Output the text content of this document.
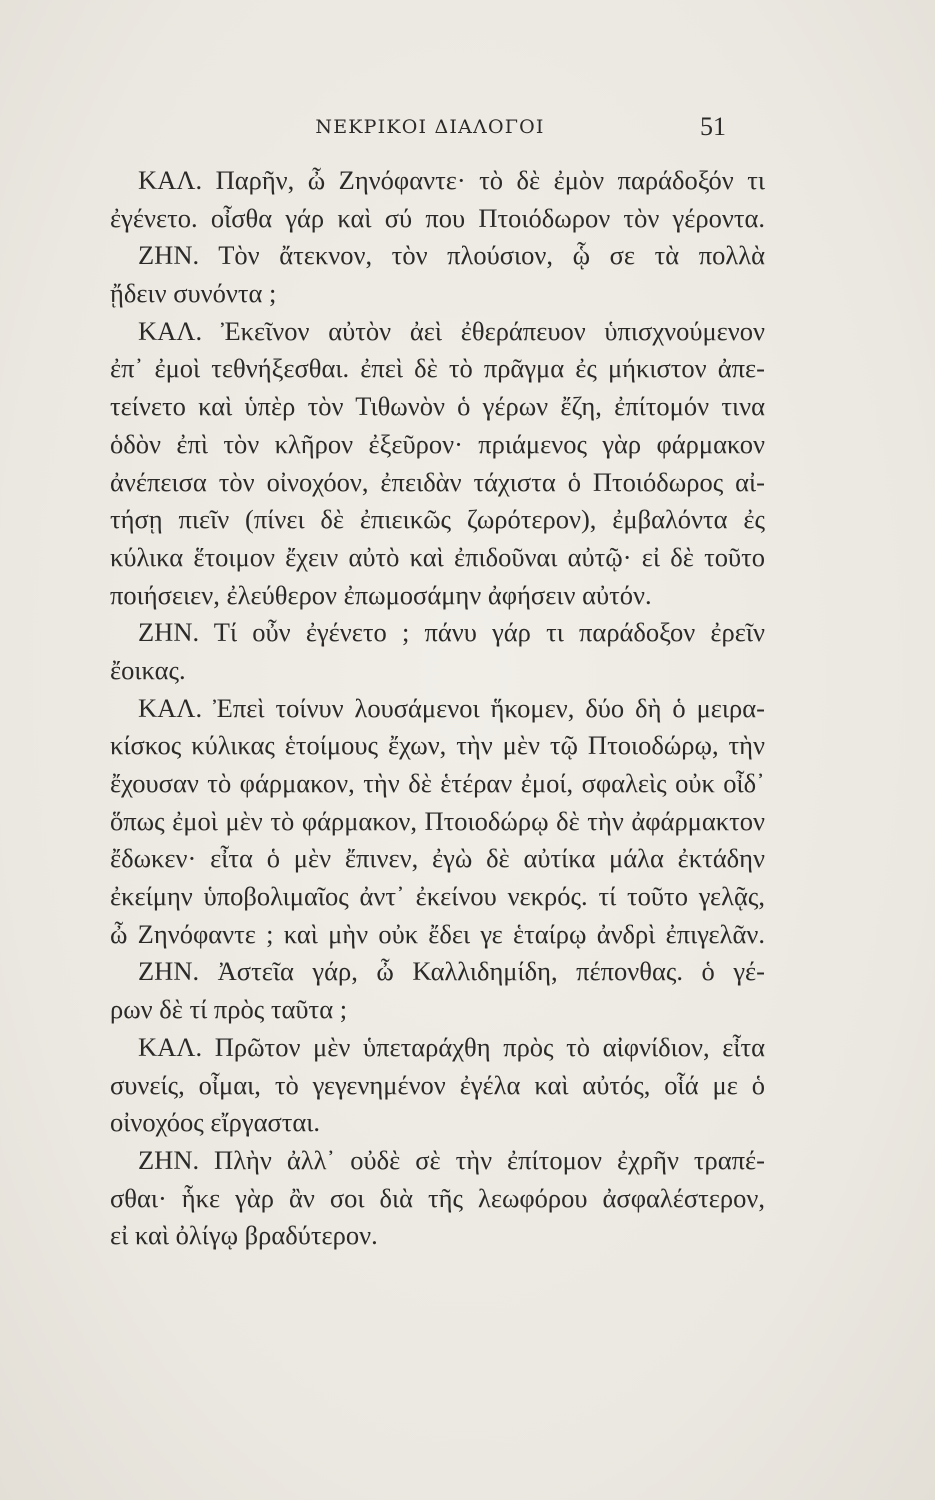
ΝΕΚΡΙΚΟΙ ΔΙΑΛΟΓΟΙ	51
ΚΑΛ. Παρῆν, ὦ Ζηνόφαντε· τὸ δὲ ἐμὸν παράδοξόν τι
ἐγένετο. οἶσθα γάρ καὶ σύ που Πτοιόδωρον τὸν γέροντα.
ΖΗΝ. Τὸν ἄτεκνον, τὸν πλούσιον, ᾧ σε τὰ πολλὰ
ᾔδειν συνόντα ;
ΚΑΛ. Ἐκεῖνον αὐτὸν ἀεὶ ἐθεράπευον ὑπισχνούμενον
ἐπ᾽ ἐμοὶ τεθνήξεσθαι. ἐπεὶ δὲ τὸ πρᾶγμα ἐς μήκιστον ἀπε-
τείνετο καὶ ὑπὲρ τὸν Τιθωνὸν ὁ γέρων ἔζη, ἐπίτομόν τινα
ὁδὸν ἐπὶ τὸν κλῆρον ἐξεῦρον· πριάμενος γὰρ φάρμακον
ἀνέπεισα τὸν οἰνοχόον, ἐπειδὰν τάχιστα ὁ Πτοιόδωρος αἰ-
τήσῃ πιεῖν (πίνει δὲ ἐπιεικῶς ζωρότερον), ἐμβαλόντα ἐς
κύλικα ἕτοιμον ἔχειν αὐτὸ καὶ ἐπιδοῦναι αὐτῷ· εἰ δὲ τοῦτο
ποιήσειεν, ἐλεύθερον ἐπωμοσάμην ἀφήσειν αὐτόν.
ΖΗΝ. Τί οὖν ἐγένετο ; πάνυ γάρ τι παράδοξον ἐρεῖν
ἔοικας.
ΚΑΛ. Ἐπεὶ τοίνυν λουσάμενοι ἥκομεν, δύο δὴ ὁ μειρα-
κίσκος κύλικας ἑτοίμους ἔχων, τὴν μὲν τῷ Πτοιοδώρῳ, τὴν
ἔχουσαν τὸ φάρμακον, τὴν δὲ ἑτέραν ἐμοί, σφαλεὶς οὐκ οἶδ᾽
ὅπως ἐμοὶ μὲν τὸ φάρμακον, Πτοιοδώρῳ δὲ τὴν ἀφάρμακτον
ἔδωκεν· εἶτα ὁ μὲν ἔπινεν, ἐγὼ δὲ αὐτίκα μάλα ἐκτάδην
ἐκείμην ὑποβολιμαῖος ἀντ᾽ ἐκείνου νεκρός. τί τοῦτο γελᾷς,
ὦ Ζηνόφαντε ; καὶ μὴν οὐκ ἔδει γε ἑταίρῳ ἀνδρὶ ἐπιγελᾶν.
ΖΗΝ. Ἀστεῖα γάρ, ὦ Καλλιδημίδη, πέπονθας. ὁ γέ-
ρων δὲ τί πρὸς ταῦτα ;
ΚΑΛ. Πρῶτον μὲν ὑπεταράχθη πρὸς τὸ αἰφνίδιον, εἶτα
συνείς, οἶμαι, τὸ γεγενημένον ἐγέλα καὶ αὐτός, οἷά με ὁ
οἰνοχόος εἴργασται.
ΖΗΝ. Πλὴν ἀλλ᾽ οὐδὲ σὲ τὴν ἐπίτομον ἐχρῆν τραπέ-
σθαι· ἧκε γὰρ ἂν σοι διὰ τῆς λεωφόρου ἀσφαλέστερον,
εἰ καὶ ὀλίγῳ βραδύτερον.
